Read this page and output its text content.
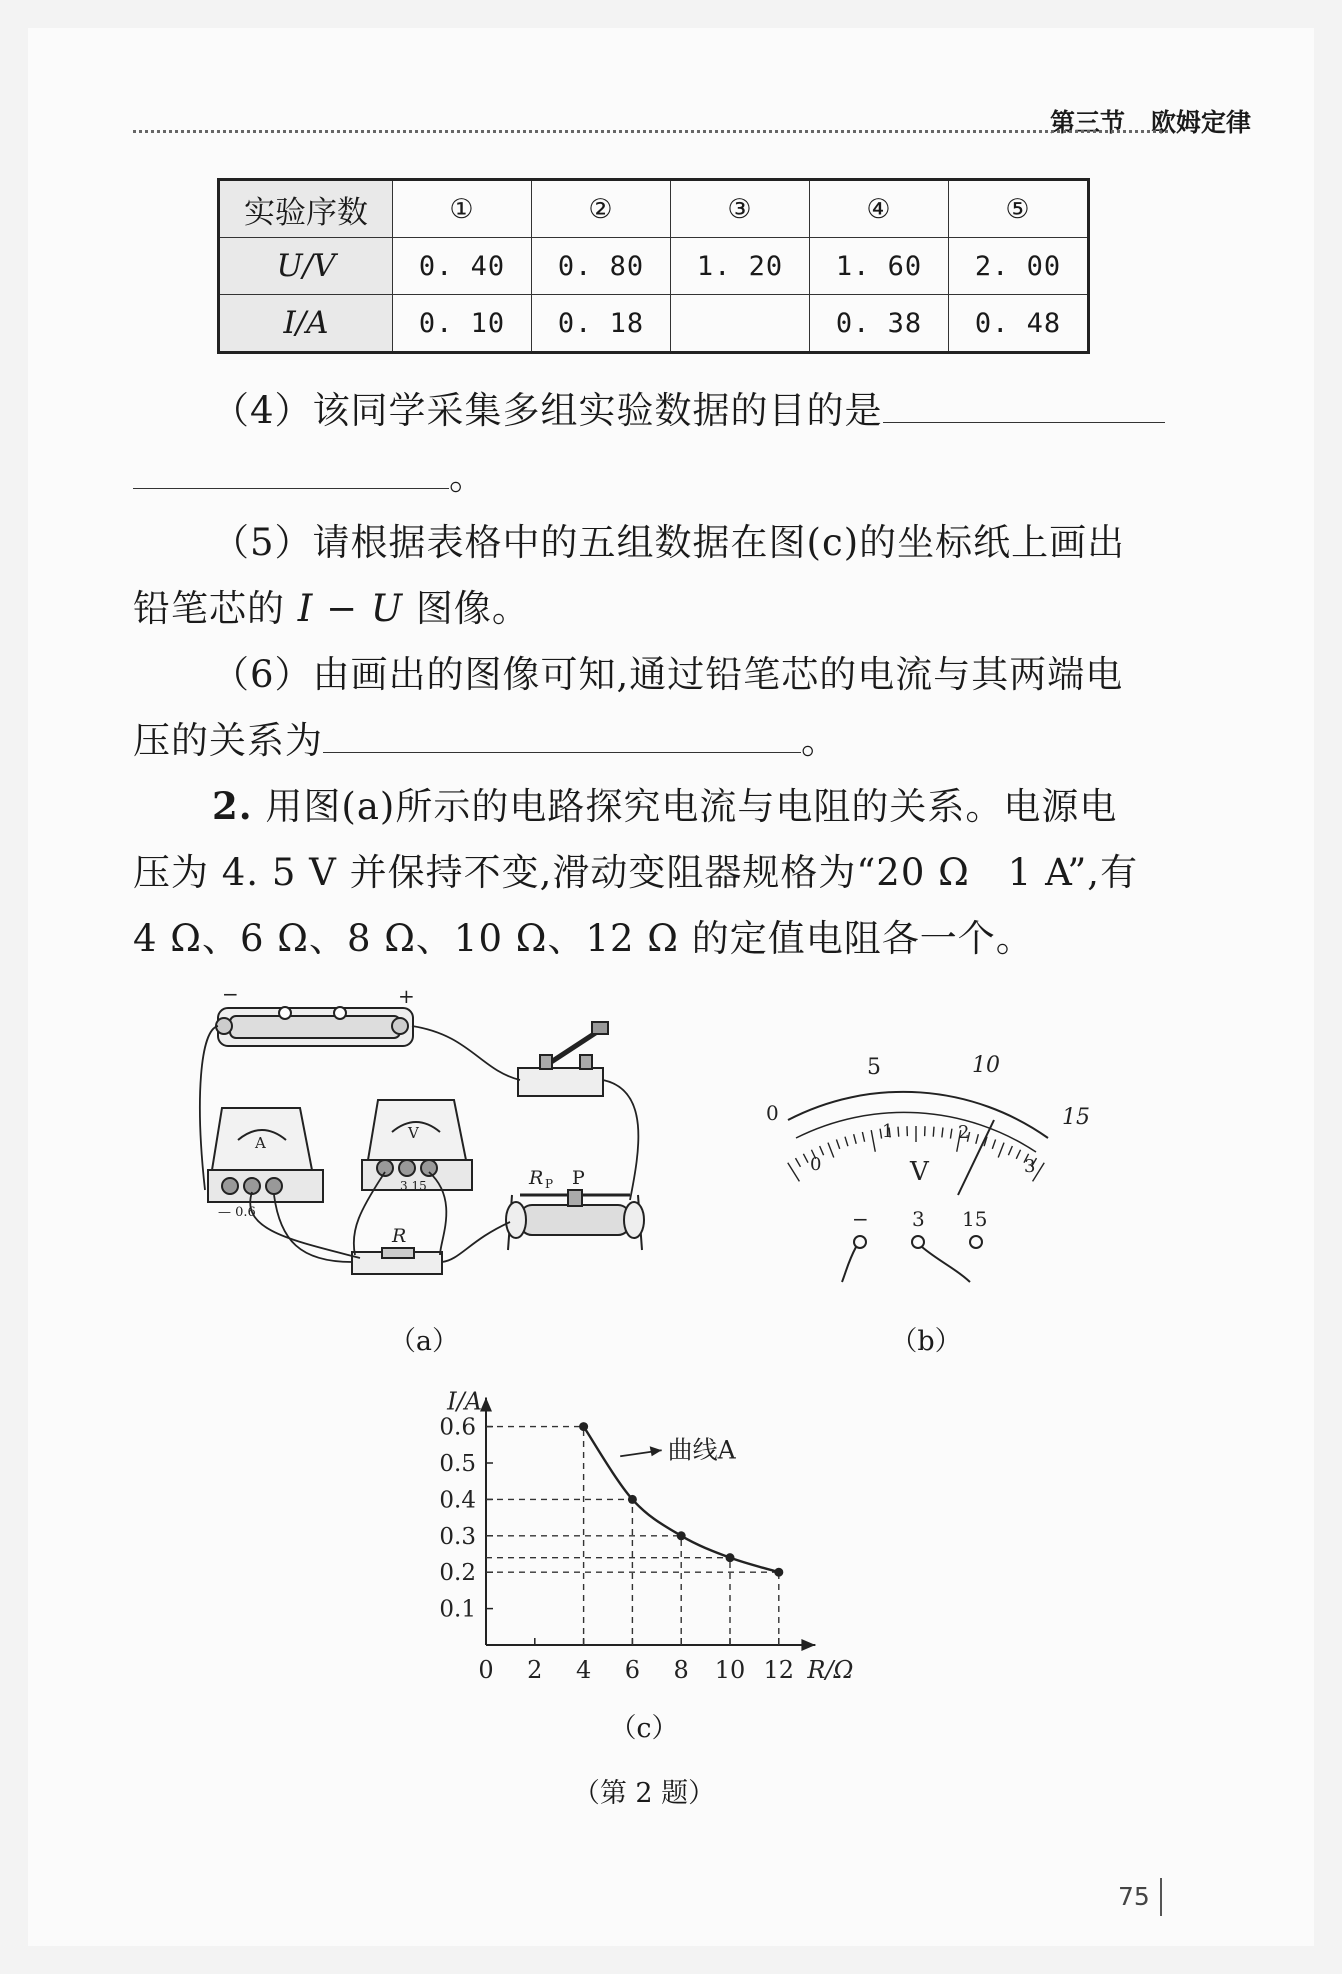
第三节 欧姆定律
实验序数	①	②	③	④	⑤
U/V	0. 40	0. 80	1. 20	1. 60	2. 00
I/A	0. 10	0. 18		0. 38	0. 48
（4）该同学采集多组实验数据的目的是
。
（5）请根据表格中的五组数据在图(c)的坐标纸上画出
铅笔芯的 I − U 图像。
（6）由画出的图像可知,通过铅笔芯的电流与其两端电
压的关系为	。
2. 用图(a)所示的电路探究电流与电阻的关系。电源电
压为 4. 5 V 并保持不变,滑动变阻器规格为“20 Ω　1 A”,有
4 Ω、6 Ω、8 Ω、10 Ω、12 Ω 的定值电阻各一个。
−	+
A
— 0.6
V
3 15	R P P
R
（a）
5	10
15
0
0
1	2
3
V
− 3 15
（b）
0 2 4 6 8 10 12
0.1
0.2
0.3
0.4
0.5
0.6
R/Ω
I/A
曲线A
（c）
（第 2 题）
75
